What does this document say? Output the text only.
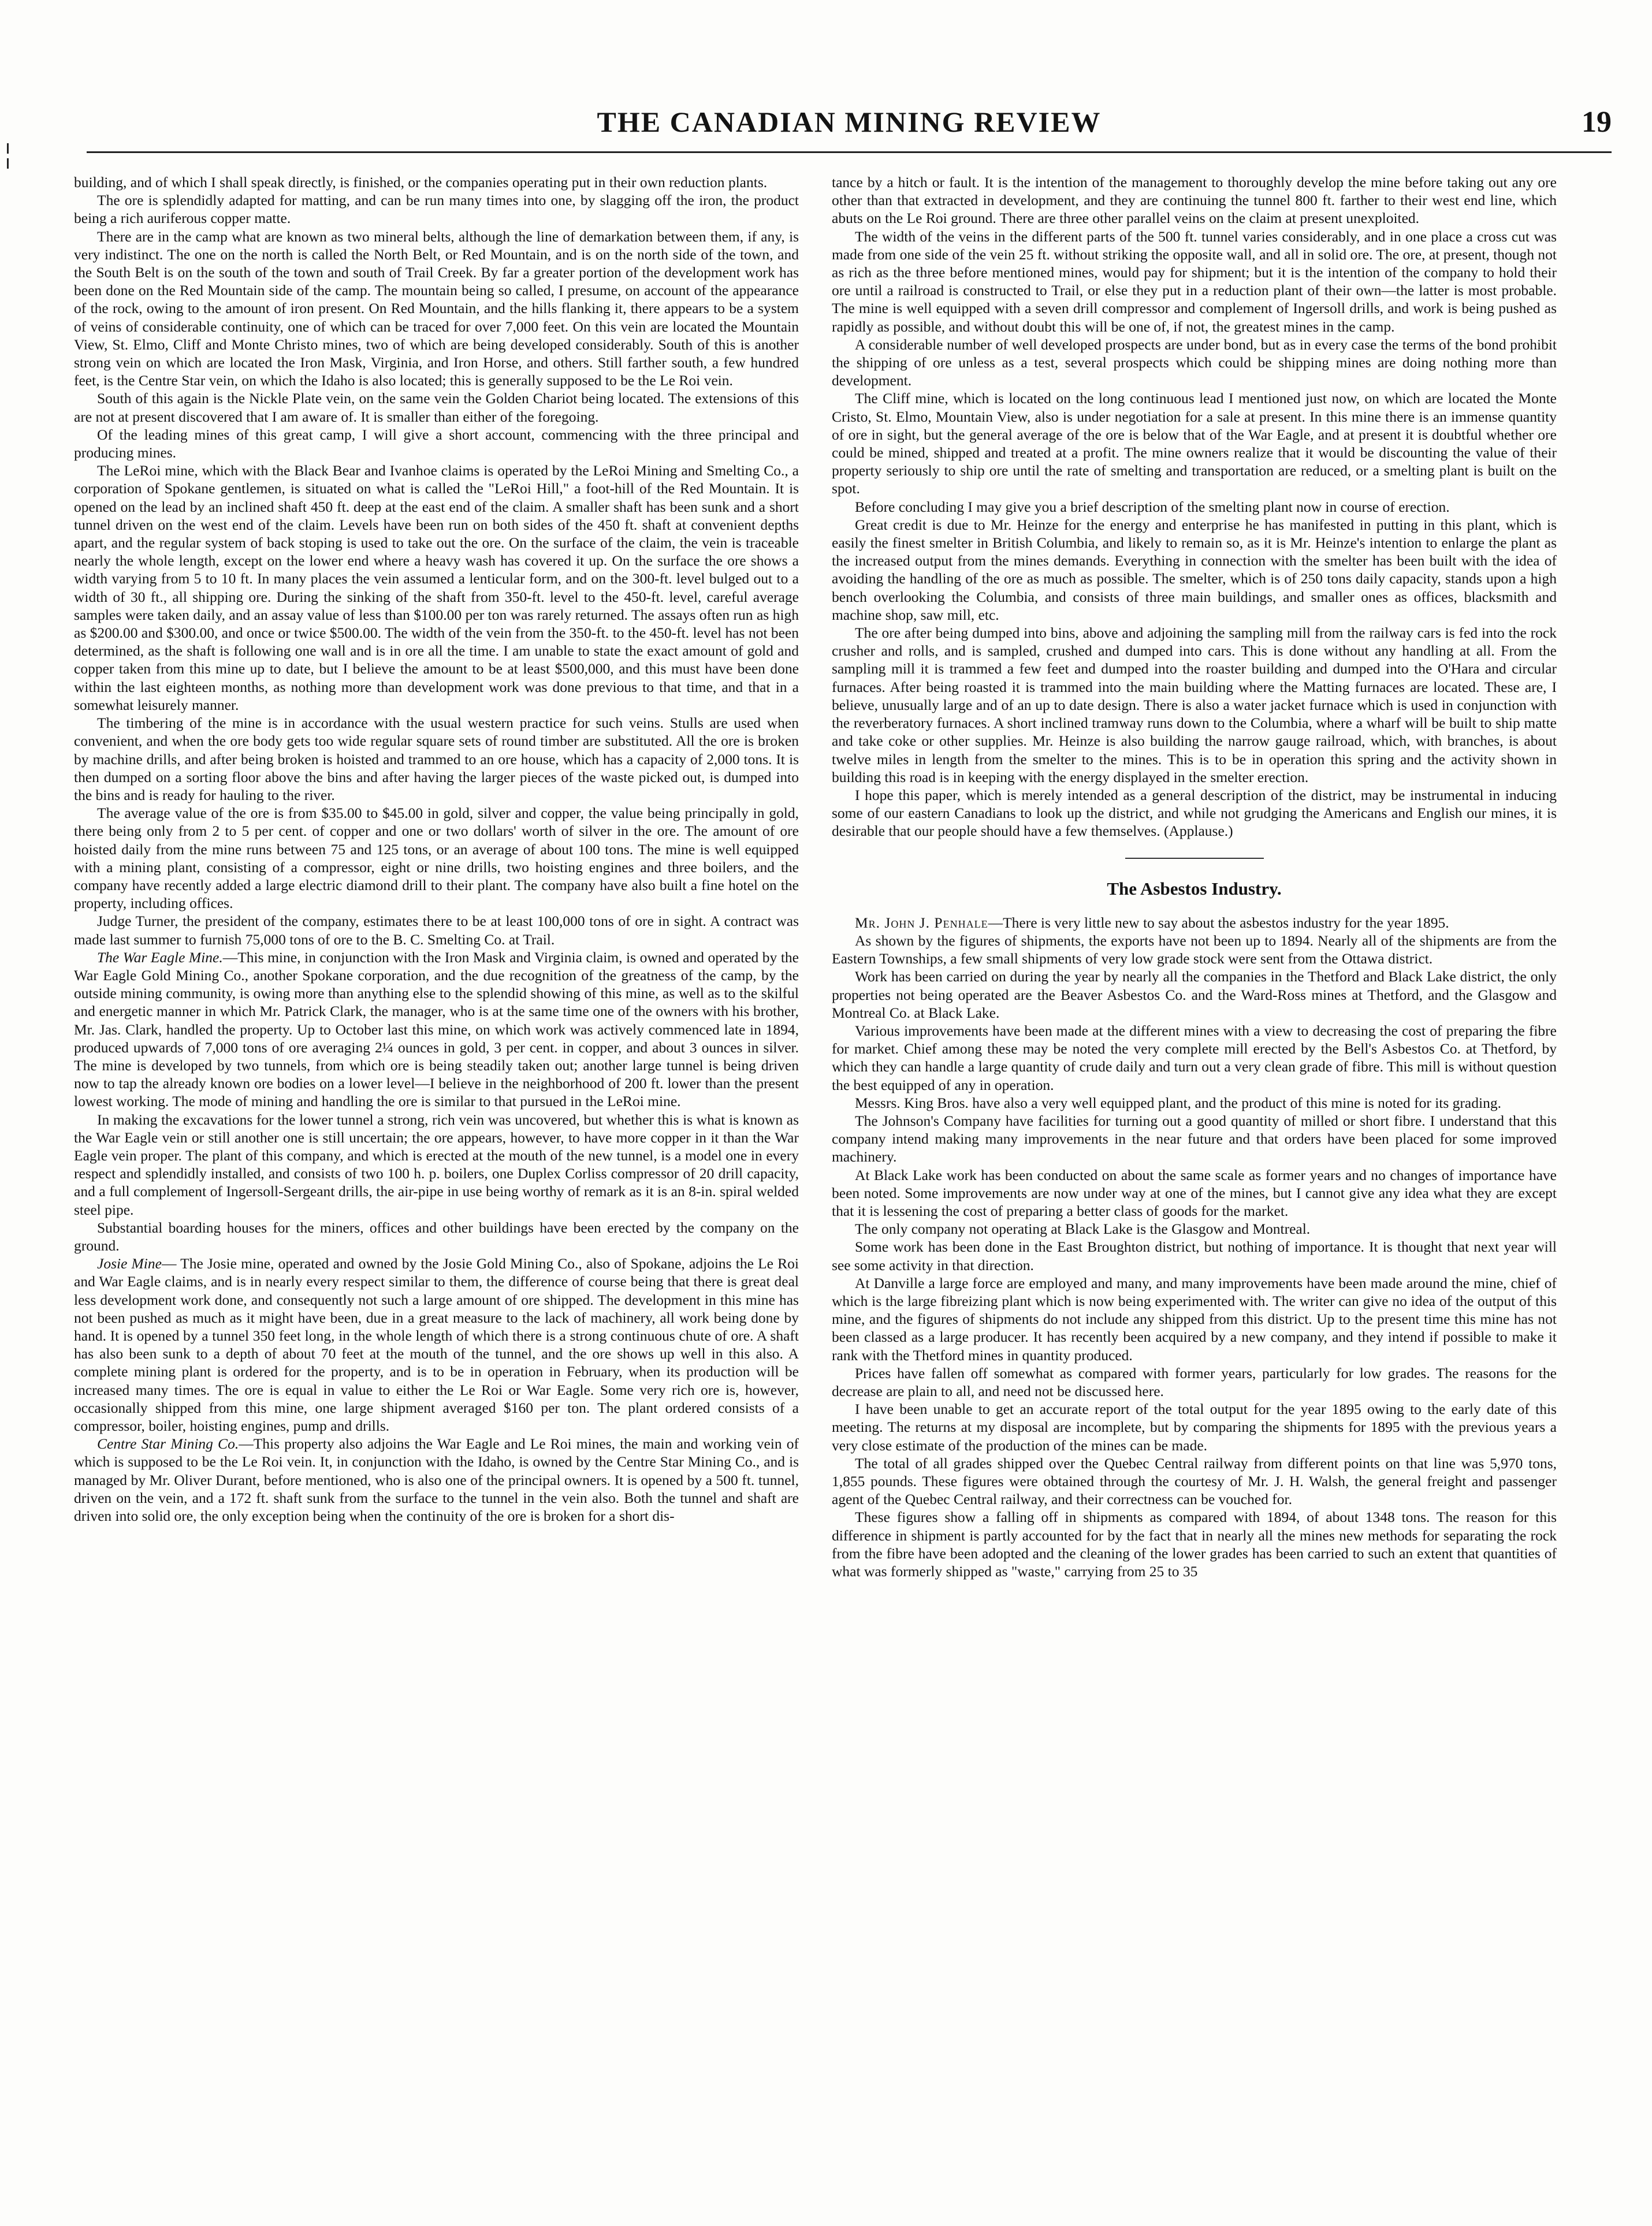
THE CANADIAN MINING REVIEW	19

building, and of which I shall speak directly, is finished, or the companies operating put in their own reduction plants.

The ore is splendidly adapted for matting, and can be run many times into one, by slagging off the iron, the product being a rich auriferous copper matte.

There are in the camp what are known as two mineral belts, although the line of demarkation between them, if any, is very indistinct. The one on the north is called the North Belt, or Red Mountain, and is on the north side of the town, and the South Belt is on the south of the town and south of Trail Creek. By far a greater portion of the development work has been done on the Red Mountain side of the camp. The mountain being so called, I presume, on account of the appearance of the rock, owing to the amount of iron present. On Red Mountain, and the hills flanking it, there appears to be a system of veins of considerable continuity, one of which can be traced for over 7,000 feet. On this vein are located the Mountain View, St. Elmo, Cliff and Monte Christo mines, two of which are being developed considerably. South of this is another strong vein on which are located the Iron Mask, Virginia, and Iron Horse, and others. Still farther south, a few hundred feet, is the Centre Star vein, on which the Idaho is also located; this is generally supposed to be the Le Roi vein.

South of this again is the Nickle Plate vein, on the same vein the Golden Chariot being located. The extensions of this are not at present discovered that I am aware of. It is smaller than either of the foregoing.

Of the leading mines of this great camp, I will give a short account, commencing with the three principal and producing mines.

The LeRoi mine, which with the Black Bear and Ivanhoe claims is operated by the LeRoi Mining and Smelting Co., a corporation of Spokane gentlemen, is situated on what is called the "LeRoi Hill," a foot-hill of the Red Mountain. It is opened on the lead by an inclined shaft 450 ft. deep at the east end of the claim. A smaller shaft has been sunk and a short tunnel driven on the west end of the claim. Levels have been run on both sides of the 450 ft. shaft at convenient depths apart, and the regular system of back stoping is used to take out the ore. On the surface of the claim, the vein is traceable nearly the whole length, except on the lower end where a heavy wash has covered it up. On the surface the ore shows a width varying from 5 to 10 ft. In many places the vein assumed a lenticular form, and on the 300-ft. level bulged out to a width of 30 ft., all shipping ore. During the sinking of the shaft from 350-ft. level to the 450-ft. level, careful average samples were taken daily, and an assay value of less than $100.00 per ton was rarely returned. The assays often run as high as $200.00 and $300.00, and once or twice $500.00. The width of the vein from the 350-ft. to the 450-ft. level has not been determined, as the shaft is following one wall and is in ore all the time. I am unable to state the exact amount of gold and copper taken from this mine up to date, but I believe the amount to be at least $500,000, and this must have been done within the last eighteen months, as nothing more than development work was done previous to that time, and that in a somewhat leisurely manner.

The timbering of the mine is in accordance with the usual western practice for such veins. Stulls are used when convenient, and when the ore body gets too wide regular square sets of round timber are substituted. All the ore is broken by machine drills, and after being broken is hoisted and trammed to an ore house, which has a capacity of 2,000 tons. It is then dumped on a sorting floor above the bins and after having the larger pieces of the waste picked out, is dumped into the bins and is ready for hauling to the river.

The average value of the ore is from $35.00 to $45.00 in gold, silver and copper, the value being principally in gold, there being only from 2 to 5 per cent. of copper and one or two dollars' worth of silver in the ore. The amount of ore hoisted daily from the mine runs between 75 and 125 tons, or an average of about 100 tons. The mine is well equipped with a mining plant, consisting of a compressor, eight or nine drills, two hoisting engines and three boilers, and the company have recently added a large electric diamond drill to their plant. The company have also built a fine hotel on the property, including offices.

Judge Turner, the president of the company, estimates there to be at least 100,000 tons of ore in sight. A contract was made last summer to furnish 75,000 tons of ore to the B. C. Smelting Co. at Trail.

The War Eagle Mine.—This mine, in conjunction with the Iron Mask and Virginia claim, is owned and operated by the War Eagle Gold Mining Co., another Spokane corporation, and the due recognition of the greatness of the camp, by the outside mining community, is owing more than anything else to the splendid showing of this mine, as well as to the skilful and energetic manner in which Mr. Patrick Clark, the manager, who is at the same time one of the owners with his brother, Mr. Jas. Clark, handled the property. Up to October last this mine, on which work was actively commenced late in 1894, produced upwards of 7,000 tons of ore averaging 2¼ ounces in gold, 3 per cent. in copper, and about 3 ounces in silver. The mine is developed by two tunnels, from which ore is being steadily taken out; another large tunnel is being driven now to tap the already known ore bodies on a lower level—I believe in the neighborhood of 200 ft. lower than the present lowest working. The mode of mining and handling the ore is similar to that pursued in the LeRoi mine.

In making the excavations for the lower tunnel a strong, rich vein was uncovered, but whether this is what is known as the War Eagle vein or still another one is still uncertain; the ore appears, however, to have more copper in it than the War Eagle vein proper. The plant of this company, and which is erected at the mouth of the new tunnel, is a model one in every respect and splendidly installed, and consists of two 100 h. p. boilers, one Duplex Corliss compressor of 20 drill capacity, and a full complement of Ingersoll-Sergeant drills, the air-pipe in use being worthy of remark as it is an 8-in. spiral welded steel pipe.

Substantial boarding houses for the miners, offices and other buildings have been erected by the company on the ground.

Josie Mine— The Josie mine, operated and owned by the Josie Gold Mining Co., also of Spokane, adjoins the Le Roi and War Eagle claims, and is in nearly every respect similar to them, the difference of course being that there is great deal less development work done, and consequently not such a large amount of ore shipped. The development in this mine has not been pushed as much as it might have been, due in a great measure to the lack of machinery, all work being done by hand. It is opened by a tunnel 350 feet long, in the whole length of which there is a strong continuous chute of ore. A shaft has also been sunk to a depth of about 70 feet at the mouth of the tunnel, and the ore shows up well in this also. A complete mining plant is ordered for the property, and is to be in operation in February, when its production will be increased many times. The ore is equal in value to either the Le Roi or War Eagle. Some very rich ore is, however, occasionally shipped from this mine, one large shipment averaged $160 per ton. The plant ordered consists of a compressor, boiler, hoisting engines, pump and drills.

Centre Star Mining Co.—This property also adjoins the War Eagle and Le Roi mines, the main and working vein of which is supposed to be the Le Roi vein. It, in conjunction with the Idaho, is owned by the Centre Star Mining Co., and is managed by Mr. Oliver Durant, before mentioned, who is also one of the principal owners. It is opened by a 500 ft. tunnel, driven on the vein, and a 172 ft. shaft sunk from the surface to the tunnel in the vein also. Both the tunnel and shaft are driven into solid ore, the only exception being when the continuity of the ore is broken for a short dis-

tance by a hitch or fault. It is the intention of the management to thoroughly develop the mine before taking out any ore other than that extracted in development, and they are continuing the tunnel 800 ft. farther to their west end line, which abuts on the Le Roi ground. There are three other parallel veins on the claim at present unexploited.

The width of the veins in the different parts of the 500 ft. tunnel varies considerably, and in one place a cross cut was made from one side of the vein 25 ft. without striking the opposite wall, and all in solid ore. The ore, at present, though not as rich as the three before mentioned mines, would pay for shipment; but it is the intention of the company to hold their ore until a railroad is constructed to Trail, or else they put in a reduction plant of their own—the latter is most probable. The mine is well equipped with a seven drill compressor and complement of Ingersoll drills, and work is being pushed as rapidly as possible, and without doubt this will be one of, if not, the greatest mines in the camp.

A considerable number of well developed prospects are under bond, but as in every case the terms of the bond prohibit the shipping of ore unless as a test, several prospects which could be shipping mines are doing nothing more than development.

The Cliff mine, which is located on the long continuous lead I mentioned just now, on which are located the Monte Cristo, St. Elmo, Mountain View, also is under negotiation for a sale at present. In this mine there is an immense quantity of ore in sight, but the general average of the ore is below that of the War Eagle, and at present it is doubtful whether ore could be mined, shipped and treated at a profit. The mine owners realize that it would be discounting the value of their property seriously to ship ore until the rate of smelting and transportation are reduced, or a smelting plant is built on the spot.

Before concluding I may give you a brief description of the smelting plant now in course of erection.

Great credit is due to Mr. Heinze for the energy and enterprise he has manifested in putting in this plant, which is easily the finest smelter in British Columbia, and likely to remain so, as it is Mr. Heinze's intention to enlarge the plant as the increased output from the mines demands. Everything in connection with the smelter has been built with the idea of avoiding the handling of the ore as much as possible. The smelter, which is of 250 tons daily capacity, stands upon a high bench overlooking the Columbia, and consists of three main buildings, and smaller ones as offices, blacksmith and machine shop, saw mill, etc.

The ore after being dumped into bins, above and adjoining the sampling mill from the railway cars is fed into the rock crusher and rolls, and is sampled, crushed and dumped into cars. This is done without any handling at all. From the sampling mill it is trammed a few feet and dumped into the roaster building and dumped into the O'Hara and circular furnaces. After being roasted it is trammed into the main building where the Matting furnaces are located. These are, I believe, unusually large and of an up to date design. There is also a water jacket furnace which is used in conjunction with the reverberatory furnaces. A short inclined tramway runs down to the Columbia, where a wharf will be built to ship matte and take coke or other supplies. Mr. Heinze is also building the narrow gauge railroad, which, with branches, is about twelve miles in length from the smelter to the mines. This is to be in operation this spring and the activity shown in building this road is in keeping with the energy displayed in the smelter erection.

I hope this paper, which is merely intended as a general description of the district, may be instrumental in inducing some of our eastern Canadians to look up the district, and while not grudging the Americans and English our mines, it is desirable that our people should have a few themselves. (Applause.)

The Asbestos Industry.

Mr. John J. Penhale—There is very little new to say about the asbestos industry for the year 1895.

As shown by the figures of shipments, the exports have not been up to 1894. Nearly all of the shipments are from the Eastern Townships, a few small shipments of very low grade stock were sent from the Ottawa district.

Work has been carried on during the year by nearly all the companies in the Thetford and Black Lake district, the only properties not being operated are the Beaver Asbestos Co. and the Ward-Ross mines at Thetford, and the Glasgow and Montreal Co. at Black Lake.

Various improvements have been made at the different mines with a view to decreasing the cost of preparing the fibre for market. Chief among these may be noted the very complete mill erected by the Bell's Asbestos Co. at Thetford, by which they can handle a large quantity of crude daily and turn out a very clean grade of fibre. This mill is without question the best equipped of any in operation.

Messrs. King Bros. have also a very well equipped plant, and the product of this mine is noted for its grading.

The Johnson's Company have facilities for turning out a good quantity of milled or short fibre. I understand that this company intend making many improvements in the near future and that orders have been placed for some improved machinery.

At Black Lake work has been conducted on about the same scale as former years and no changes of importance have been noted. Some improvements are now under way at one of the mines, but I cannot give any idea what they are except that it is lessening the cost of preparing a better class of goods for the market.

The only company not operating at Black Lake is the Glasgow and Montreal.

Some work has been done in the East Broughton district, but nothing of importance. It is thought that next year will see some activity in that direction.

At Danville a large force are employed and many, and many improvements have been made around the mine, chief of which is the large fibreizing plant which is now being experimented with. The writer can give no idea of the output of this mine, and the figures of shipments do not include any shipped from this district. Up to the present time this mine has not been classed as a large producer. It has recently been acquired by a new company, and they intend if possible to make it rank with the Thetford mines in quantity produced.

Prices have fallen off somewhat as compared with former years, particularly for low grades. The reasons for the decrease are plain to all, and need not be discussed here.

I have been unable to get an accurate report of the total output for the year 1895 owing to the early date of this meeting. The returns at my disposal are incomplete, but by comparing the shipments for 1895 with the previous years a very close estimate of the production of the mines can be made.

The total of all grades shipped over the Quebec Central railway from different points on that line was 5,970 tons, 1,855 pounds. These figures were obtained through the courtesy of Mr. J. H. Walsh, the general freight and passenger agent of the Quebec Central railway, and their correctness can be vouched for.

These figures show a falling off in shipments as compared with 1894, of about 1348 tons. The reason for this difference in shipment is partly accounted for by the fact that in nearly all the mines new methods for separating the rock from the fibre have been adopted and the cleaning of the lower grades has been carried to such an extent that quantities of what was formerly shipped as "waste," carrying from 25 to 35
